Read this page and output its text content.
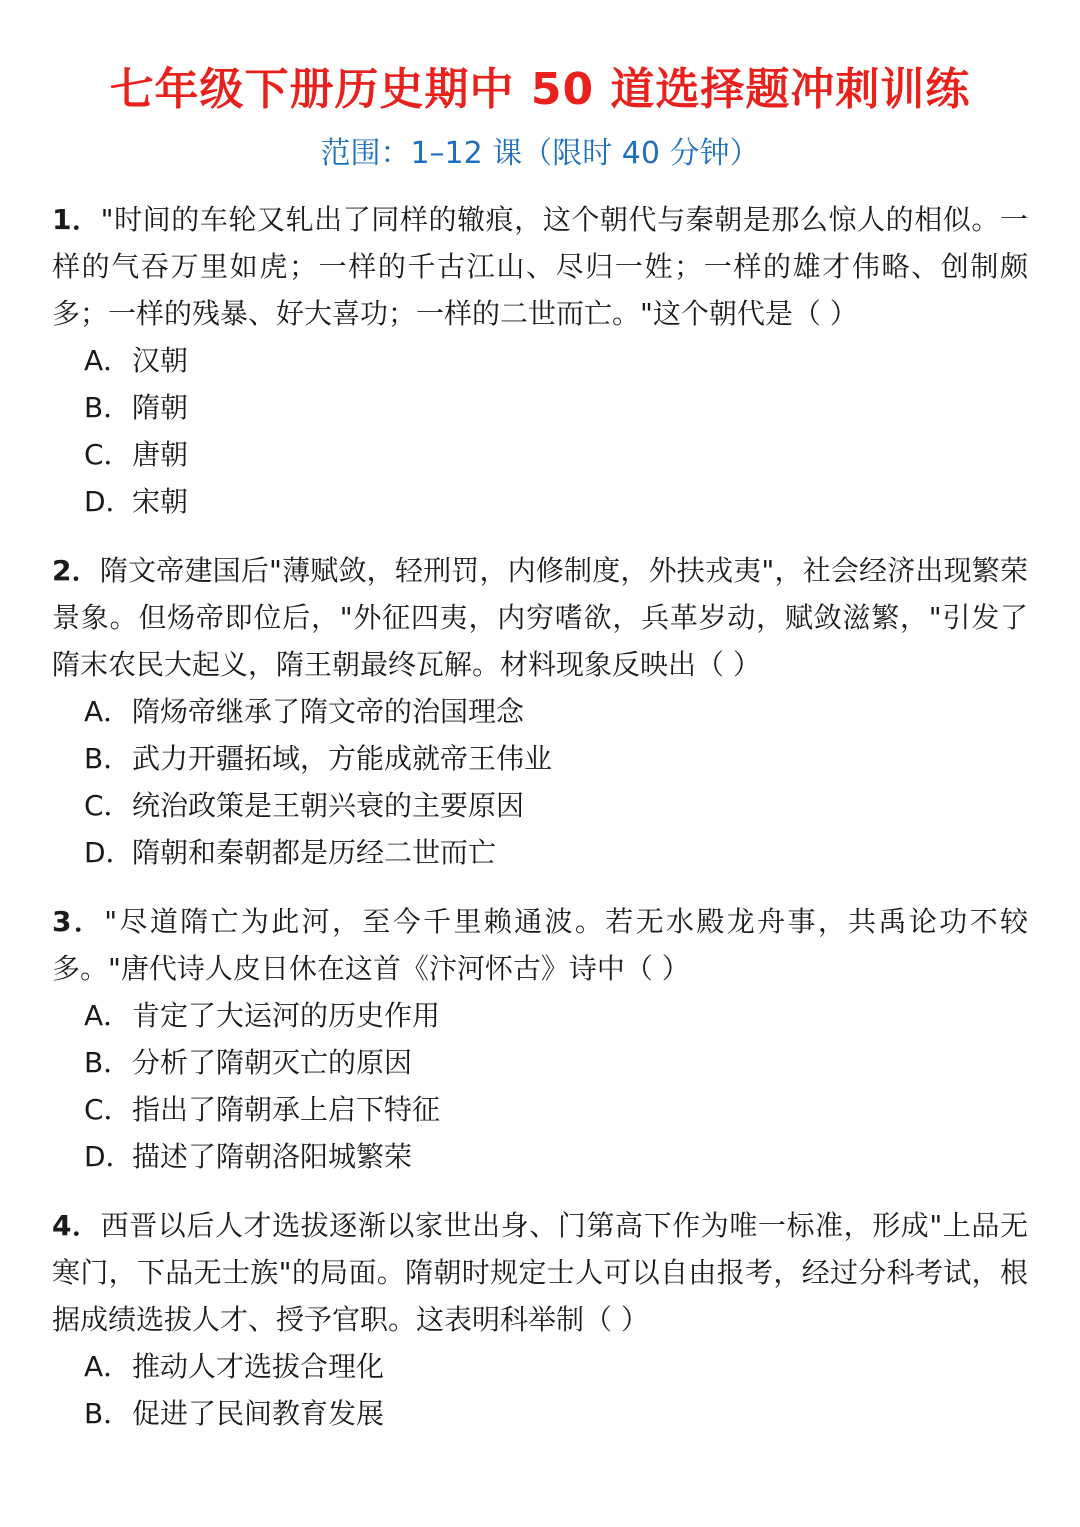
七年级下册历史期中 50 道选择题冲刺训练
范围：1–12 课（限时 40 分钟）

1．"时间的车轮又轧出了同样的辙痕，这个朝代与秦朝是那么惊人的相似。一样的气吞万里如虎；一样的千古江山、尽归一姓；一样的雄才伟略、创制颇多；一样的残暴、好大喜功；一样的二世而亡。"这个朝代是（ ）

A．汉朝
B．隋朝
C．唐朝
D．宋朝

2．隋文帝建国后"薄赋敛，轻刑罚，内修制度，外扶戎夷"，社会经济出现繁荣景象。但炀帝即位后，"外征四夷，内穷嗜欲，兵革岁动，赋敛滋繁，"引发了隋末农民大起义，隋王朝最终瓦解。材料现象反映出（ ）

A．隋炀帝继承了隋文帝的治国理念
B．武力开疆拓域，方能成就帝王伟业
C．统治政策是王朝兴衰的主要原因
D．隋朝和秦朝都是历经二世而亡

3．"尽道隋亡为此河，至今千里赖通波。若无水殿龙舟事，共禹论功不较多。"唐代诗人皮日休在这首《汴河怀古》诗中（ ）

A．肯定了大运河的历史作用
B．分析了隋朝灭亡的原因
C．指出了隋朝承上启下特征
D．描述了隋朝洛阳城繁荣

4．西晋以后人才选拔逐渐以家世出身、门第高下作为唯一标准，形成"上品无寒门，下品无士族"的局面。隋朝时规定士人可以自由报考，经过分科考试，根据成绩选拔人才、授予官职。这表明科举制（ ）

A．推动人才选拔合理化
B．促进了民间教育发展
